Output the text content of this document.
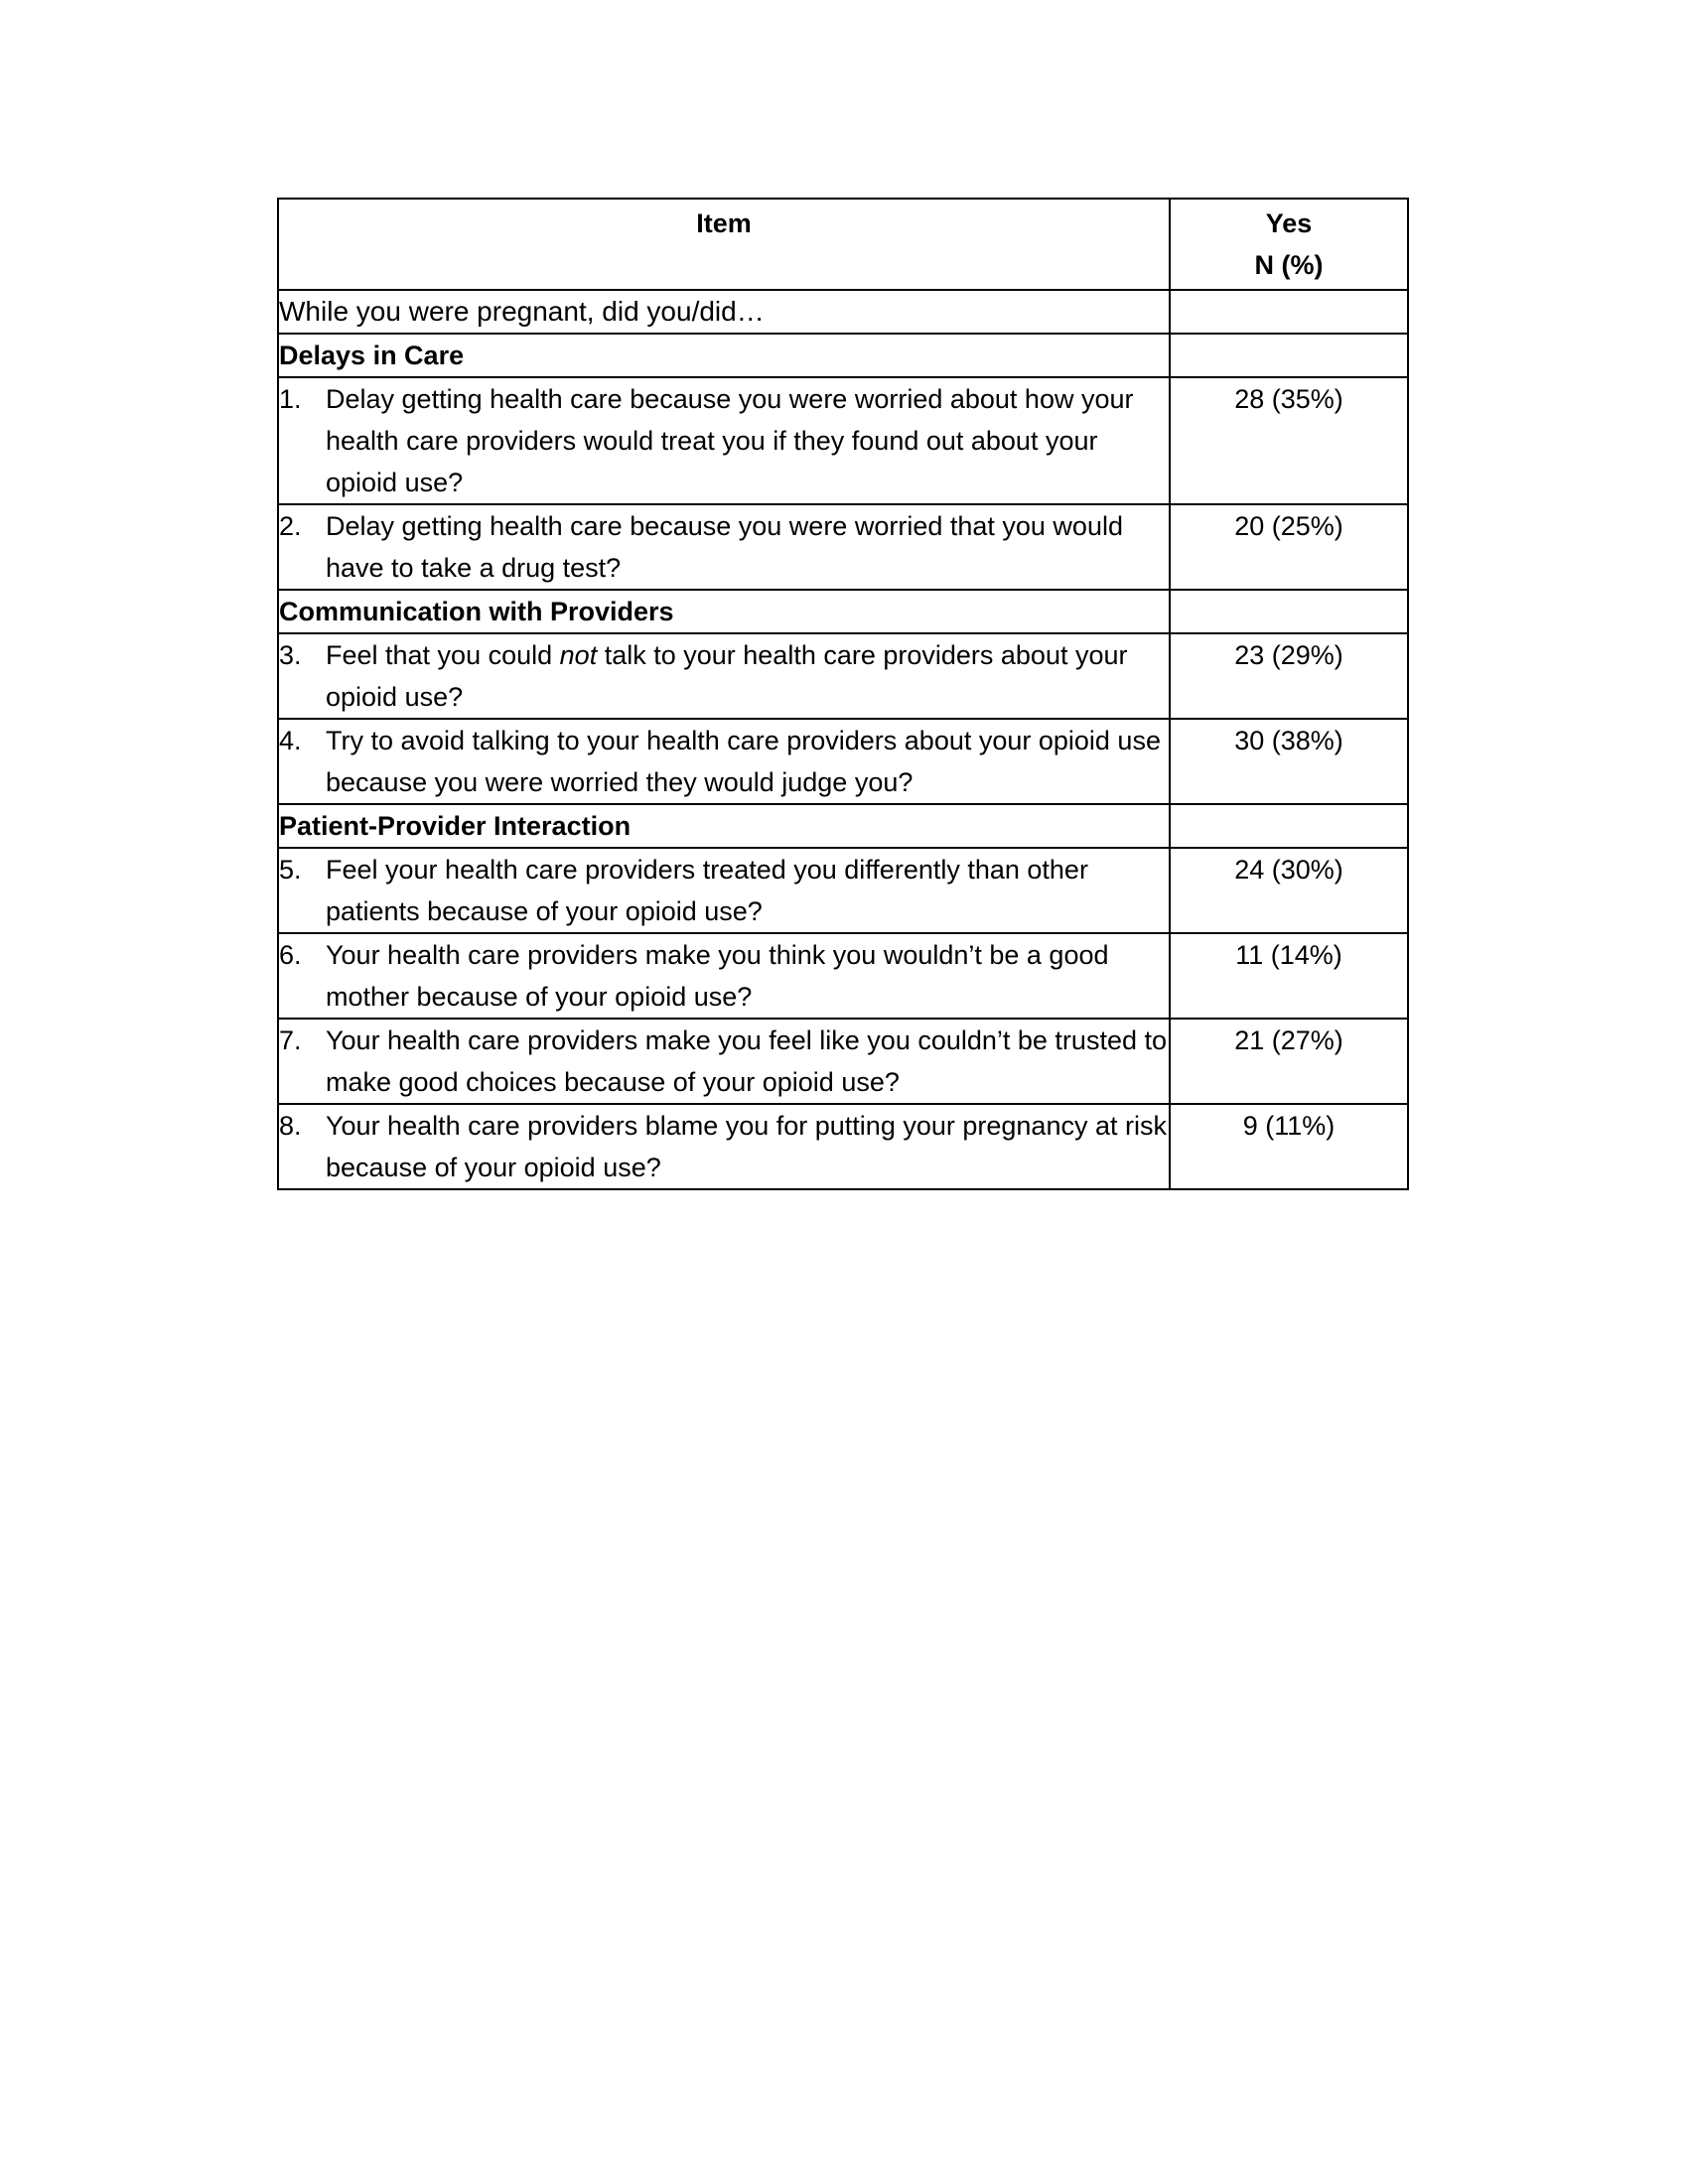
Item	Yes
N (%)

While you were pregnant, did you/did…	
Delays in Care	

1. Delay getting health care because you were worried about how your health care providers would treat you if they found out about your opioid use?	28 (35%)

2. Delay getting health care because you were worried that you would have to take a drug test?	20 (25%)
Communication with Providers	

3. Feel that you could not talk to your health care providers about your opioid use?	23 (29%)

4. Try to avoid talking to your health care providers about your opioid use because you were worried they would judge you?	30 (38%)
Patient-Provider Interaction	

5. Feel your health care providers treated you differently than other patients because of your opioid use?	24 (30%)

6. Your health care providers make you think you wouldn’t be a good mother because of your opioid use?	11 (14%)

7. Your health care providers make you feel like you couldn’t be trusted to make good choices because of your opioid use?	21 (27%)

8. Your health care providers blame you for putting your pregnancy at risk because of your opioid use?	9 (11%)
